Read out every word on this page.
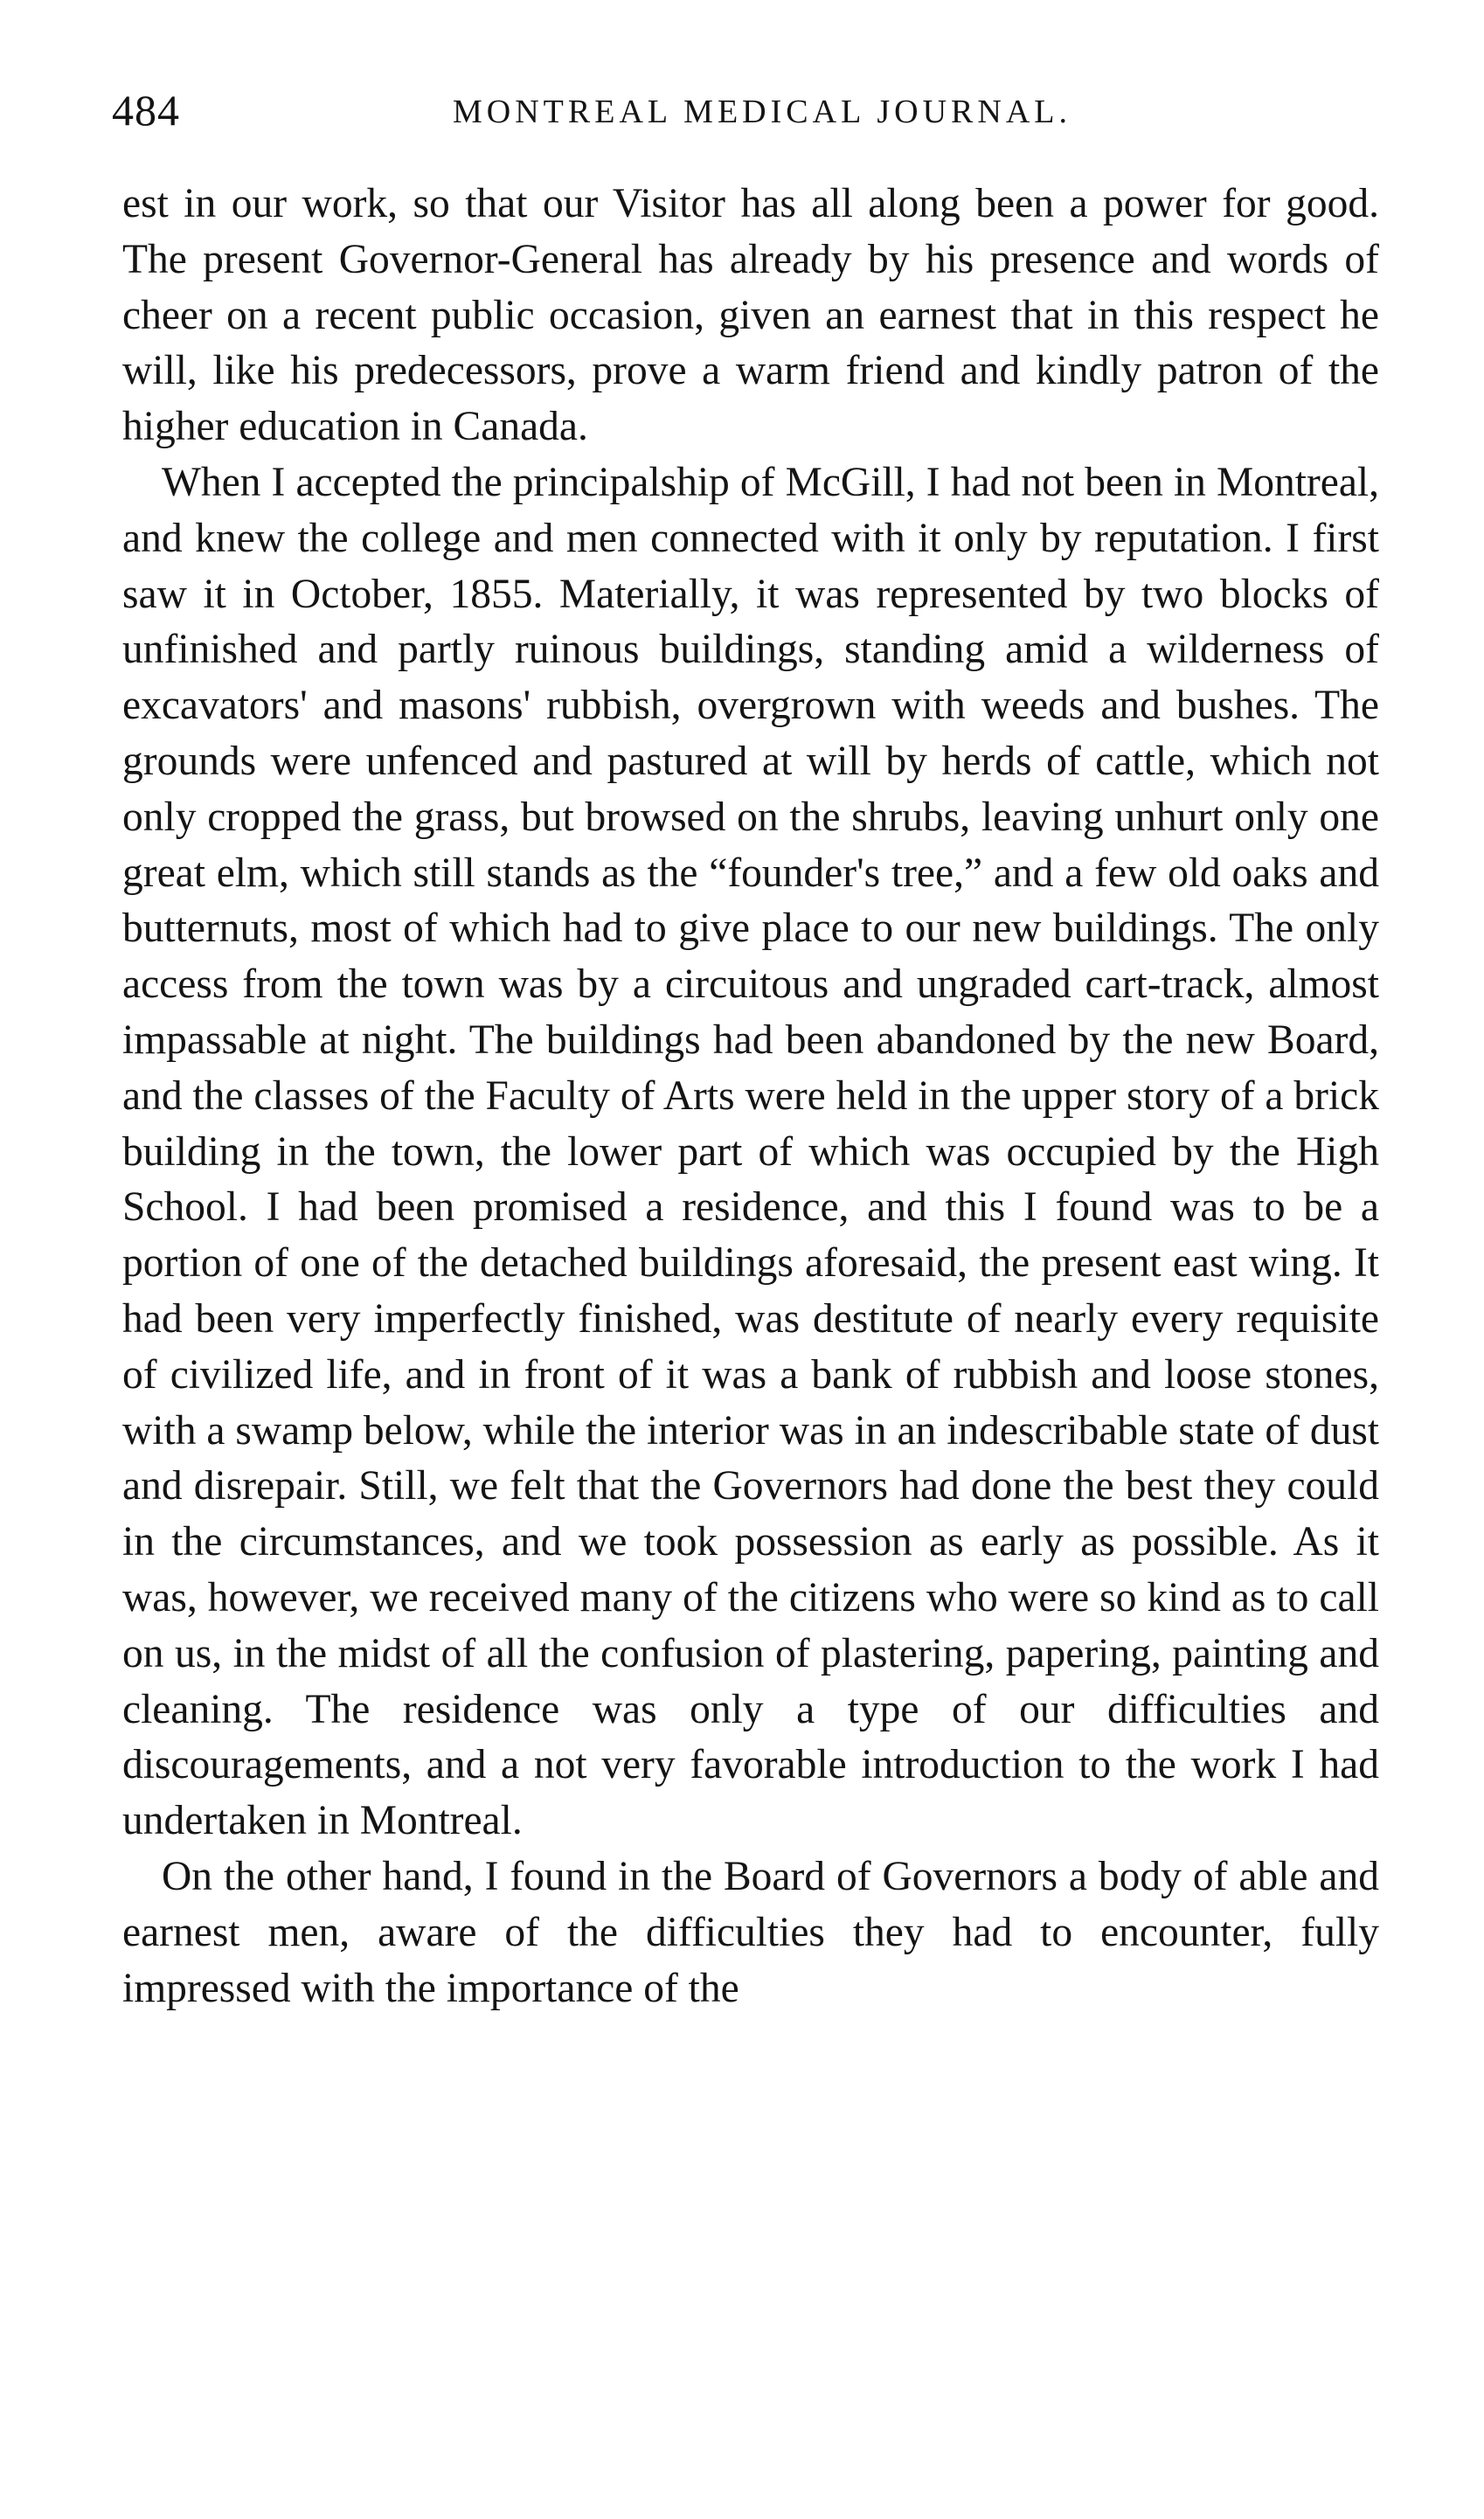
484	MONTREAL MEDICAL JOURNAL.

est in our work, so that our Visitor has all along been a power for good. The present Governor-General has already by his presence and words of cheer on a recent public occasion, given an earnest that in this respect he will, like his predecessors, prove a warm friend and kindly patron of the higher education in Canada.

When I accepted the principalship of McGill, I had not been in Montreal, and knew the college and men connected with it only by reputation. I first saw it in October, 1855. Materially, it was represented by two blocks of unfinished and partly ruinous buildings, standing amid a wilderness of excavators' and masons' rubbish, overgrown with weeds and bushes. The grounds were unfenced and pastured at will by herds of cattle, which not only cropped the grass, but browsed on the shrubs, leaving unhurt only one great elm, which still stands as the “founder's tree,” and a few old oaks and butternuts, most of which had to give place to our new buildings. The only access from the town was by a circuitous and ungraded cart-track, almost impassable at night. The buildings had been abandoned by the new Board, and the classes of the Faculty of Arts were held in the upper story of a brick building in the town, the lower part of which was occupied by the High School. I had been promised a residence, and this I found was to be a portion of one of the detached buildings aforesaid, the present east wing. It had been very imperfectly finished, was destitute of nearly every requisite of civilized life, and in front of it was a bank of rubbish and loose stones, with a swamp below, while the interior was in an indescribable state of dust and disrepair. Still, we felt that the Governors had done the best they could in the circumstances, and we took possession as early as possible. As it was, however, we received many of the citizens who were so kind as to call on us, in the midst of all the confusion of plastering, papering, painting and cleaning. The residence was only a type of our difficulties and discouragements, and a not very favorable introduction to the work I had undertaken in Montreal.

On the other hand, I found in the Board of Governors a body of able and earnest men, aware of the difficulties they had to encounter, fully impressed with the importance of the
